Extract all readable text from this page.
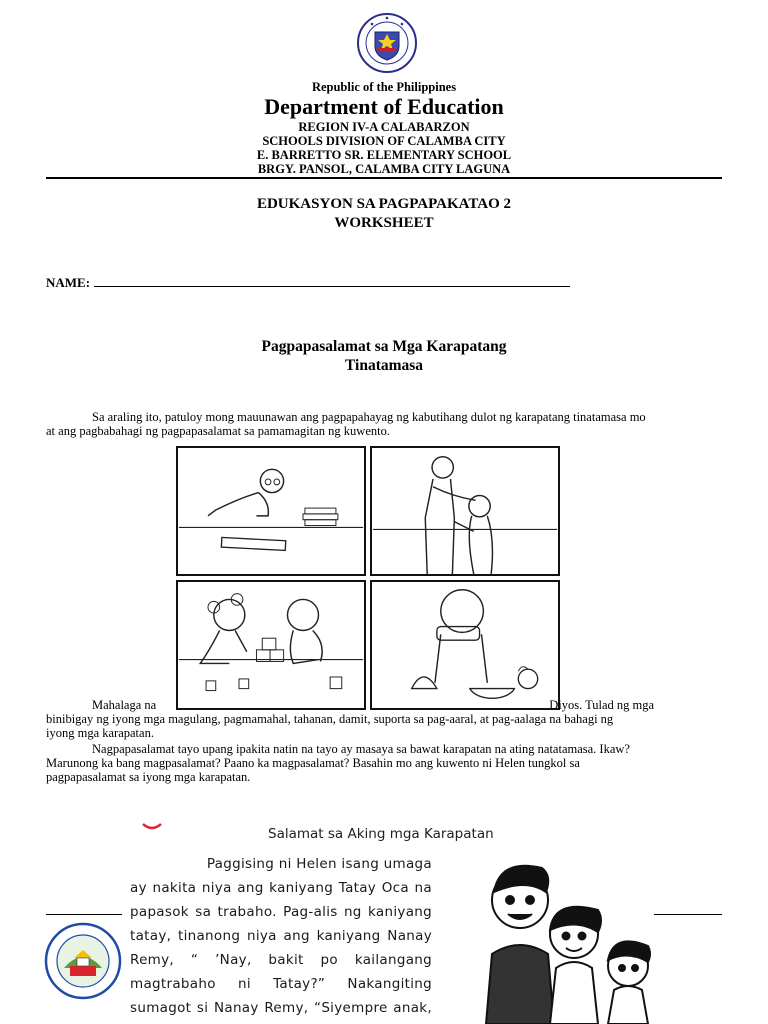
Republic of the Philippines
Department of Education
REGION IV-A CALABARZON
SCHOOLS DIVISION OF CALAMBA CITY
E. BARRETTO SR. ELEMENTARY SCHOOL
BRGY. PANSOL, CALAMBA CITY LAGUNA
EDUKASYON SA PAGPAPAKATAO 2
WORKSHEET
NAME:
Pagpapasalamat sa Mga Karapatang
Tinatamasa
Sa araling ito, patuloy mong mauunawan ang pagpapahayag ng kabutihang dulot ng karapatang tinatamasa mo
at ang pagbabahagi ng pagpapasalamat sa pamamagitan ng kuwento.
Mahalaga na	Diyos. Tulad ng mga
binibigay ng iyong mga magulang, pagmamahal, tahanan, damit, suporta sa pag-aaral, at pag-aalaga na bahagi ng
iyong mga karapatan.
Nagpapasalamat tayo upang ipakita natin na tayo ay masaya sa bawat karapatan na ating natatamasa. Ikaw?
Marunong ka bang magpasalamat? Paano ka magpasalamat? Basahin mo ang kuwento ni Helen tungkol sa
pagpapasalamat sa iyong mga karapatan.
Salamat sa Aking mga Karapatan
Paggising ni Helen isang umaga
ay nakita niya ang kaniyang Tatay Oca na
papasok sa trabaho. Pag-alis ng kaniyang
tatay, tinanong niya ang kaniyang Nanay
Remy, “ ’Nay, bakit po kailangang
magtrabaho ni Tatay?” Nakangiting
sumagot si Nanay Remy, “Siyempre anak,
